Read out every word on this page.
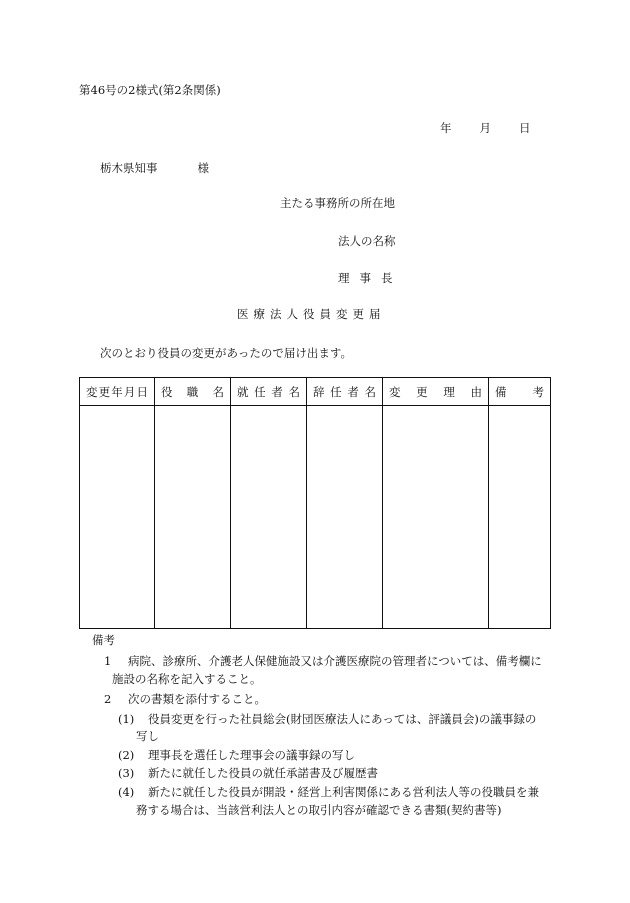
第46号の2様式(第2条関係)
年 月 日
栃木県知事	様
主たる事務所の所在地
法人の名称
理事長
医療法人役員変更届
次のとおり役員の変更があったので届け出ます。
変 更 年 月 日	役 職 名	就 任 者 名	辞 任 者 名	変 更 理 由	備 考

備考
1 病院、診療所、介護老人保健施設又は介護医療院の管理者については、備考欄に
施設の名称を記入すること。
2 次の書類を添付すること。
(1) 役員変更を行った社員総会(財団医療法人にあっては、評議員会)の議事録の
写し
(2) 理事長を選任した理事会の議事録の写し
(3) 新たに就任した役員の就任承諾書及び履歴書
(4) 新たに就任した役員が開設・経営上利害関係にある営利法人等の役職員を兼
務する場合は、当該営利法人との取引内容が確認できる書類(契約書等)
